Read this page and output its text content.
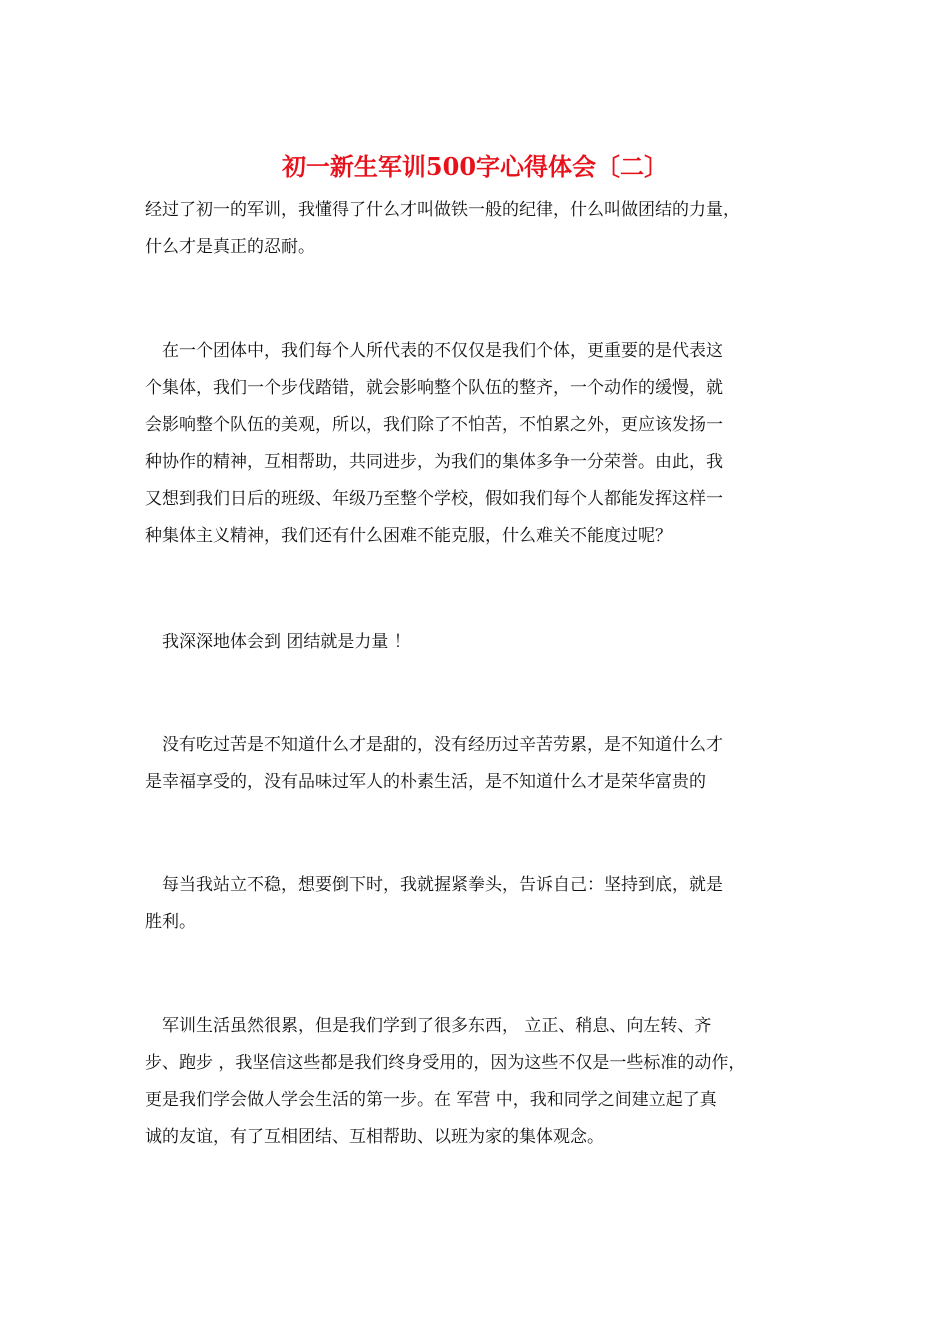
初一新生军训500字心得体会〔二〕

经过了初一的军训，我懂得了什么才叫做铁一般的纪律，什么叫做团结的力量，
什么才是真正的忍耐。

　在一个团体中，我们每个人所代表的不仅仅是我们个体，更重要的是代表这
个集体，我们一个步伐踏错，就会影响整个队伍的整齐，一个动作的缓慢，就
会影响整个队伍的美观，所以，我们除了不怕苦，不怕累之外，更应该发扬一
种协作的精神，互相帮助，共同进步，为我们的集体多争一分荣誉。由此，我
又想到我们日后的班级、年级乃至整个学校，假如我们每个人都能发挥这样一
种集体主义精神，我们还有什么困难不能克服，什么难关不能度过呢？

　我深深地体会到 团结就是力量 ！

　没有吃过苦是不知道什么才是甜的，没有经历过辛苦劳累，是不知道什么才
是幸福享受的，没有品味过军人的朴素生活，是不知道什么才是荣华富贵的

　每当我站立不稳，想要倒下时，我就握紧拳头，告诉自己：坚持到底，就是
胜利。

　军训生活虽然很累，但是我们学到了很多东西， 立正、稍息、向左转、齐
步、跑步 ，我坚信这些都是我们终身受用的，因为这些不仅是一些标准的动作，
更是我们学会做人学会生活的第一步。在 军营 中，我和同学之间建立起了真
诚的友谊，有了互相团结、互相帮助、以班为家的集体观念。
